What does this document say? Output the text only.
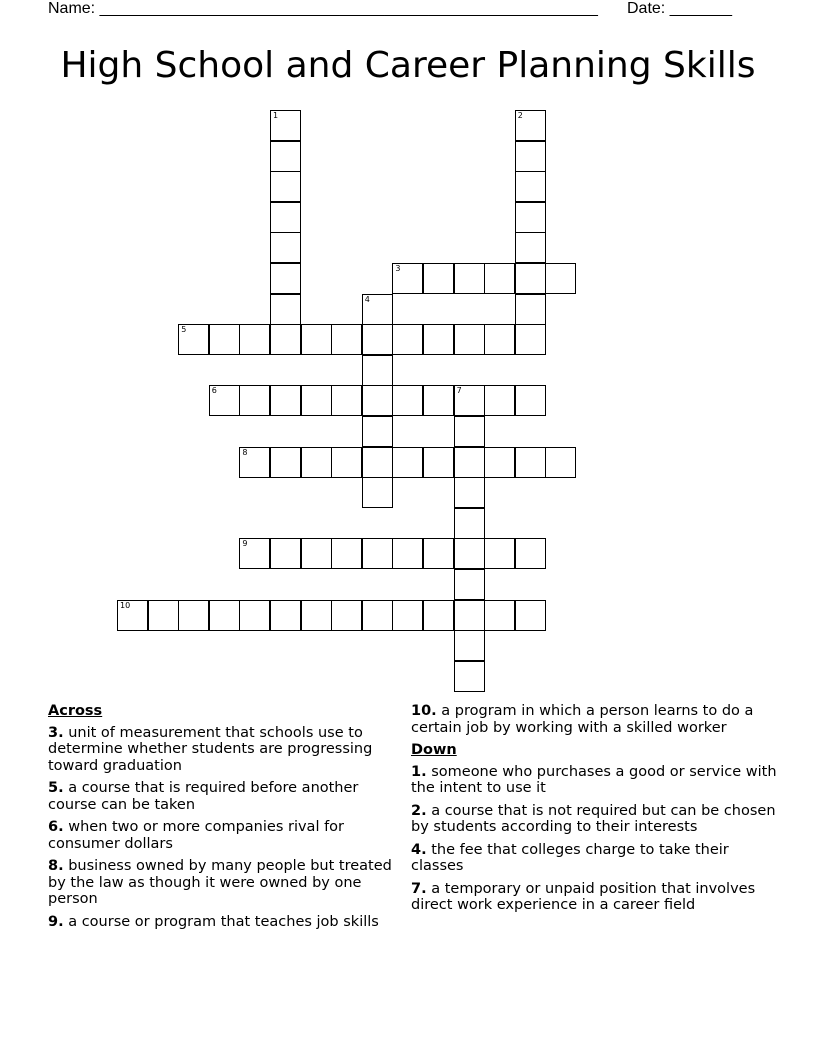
Name: ________________________________________________________ Date: _______
High School and Career Planning Skills
3
5
6	7
8
9
10
1	2
4
Across
3. unit of measurement that schools use to determine whether students are progressing toward graduation
5. a course that is required before another course can be taken
6. when two or more companies rival for consumer dollars
8. business owned by many people but treated by the law as though it were owned by one person
9. a course or program that teaches job skills
10. a program in which a person learns to do a certain job by working with a skilled worker
Down
1. someone who purchases a good or service with the intent to use it
2. a course that is not required but can be chosen by students according to their interests
4. the fee that colleges charge to take their classes
7. a temporary or unpaid position that involves direct work experience in a career field
